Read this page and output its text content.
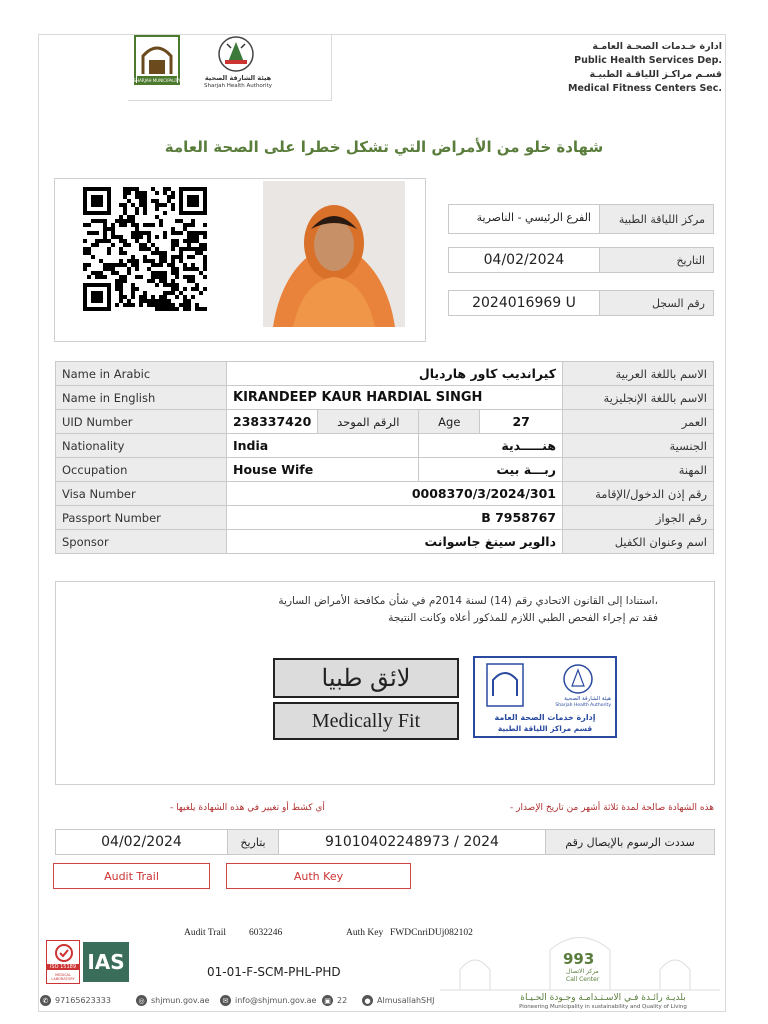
SHARJAH MUNICIPALITY	هيئة الشارقة الصحية
Sharjah Health Authority
ادارة خـدمات الصحـة العامـة
Public Health Services Dep.
قسـم مراكـز اللياقـة الطبيـة
Medical Fitness Centers Sec.
شهادة خلو من الأمراض التي تشكل خطرا على الصحة العامة
الفرع الرئيسي - الناصرية	مركز اللياقة الطبية
04/02/2024	التاريخ
2024016969 U	رقم السجل
Name in Arabic	كيرانديب كاور هارديال				الاسم باللغة العربية
Name in English	KIRANDEEP KAUR HARDIAL SINGH				الاسم باللغة الإنجليزية
UID Number	238337420	الرقم الموحد	Age	27	العمر
Nationality	India		هنـــــدية		الجنسية
Occupation	House Wife		ربـــة بيت		المهنة
Visa Number	0008370/3/2024/301				رقم إذن الدخول/الإقامة
Passport Number	B 7958767				رقم الجواز
Sponsor	دالوير سينغ جاسوانت				اسم وعنوان الكفيل
استنادا إلى القانون الاتحادي رقم (14) لسنة 2014م في شأن مكافحة الأمراض السارية،
فقد تم إجراء الفحص الطبي اللازم للمذكور أعلاه وكانت النتيجة
لائق طبيا
Medically Fit
هيئة الشارقة الصحية
Sharjah Health Authority
إدارة خدمات الصحة العامة
قسم مراكز اللياقة الطبية
- هذه الشهادة صالحة لمدة ثلاثة أشهر من تاريخ الإصدار
- أي كشط أو تغيير في هذه الشهادة يلغيها
04/02/2024	بتاريخ	91010402248973 / 2024	سددت الرسوم بالإيصال رقم
Audit Trail	Auth Key
Audit Trail 6032246	Auth Key FWDCnriDUj082102
01-01-F-SCM-PHL-PHD
ISO 15189
MEDICAL LABORATORY
IAS	993
مركز الاتصال
Call Center
✆ 97165623333	◎ shjmun.gov.ae	✉ info@shjmun.gov.ae	▣ 22	● AlmusallahSHJ	بلديـة رائـدة فـي الاسـتـدامـة وجـودة الحـيـاة
Pioneering Municipality in sustainability and Quality of Living
